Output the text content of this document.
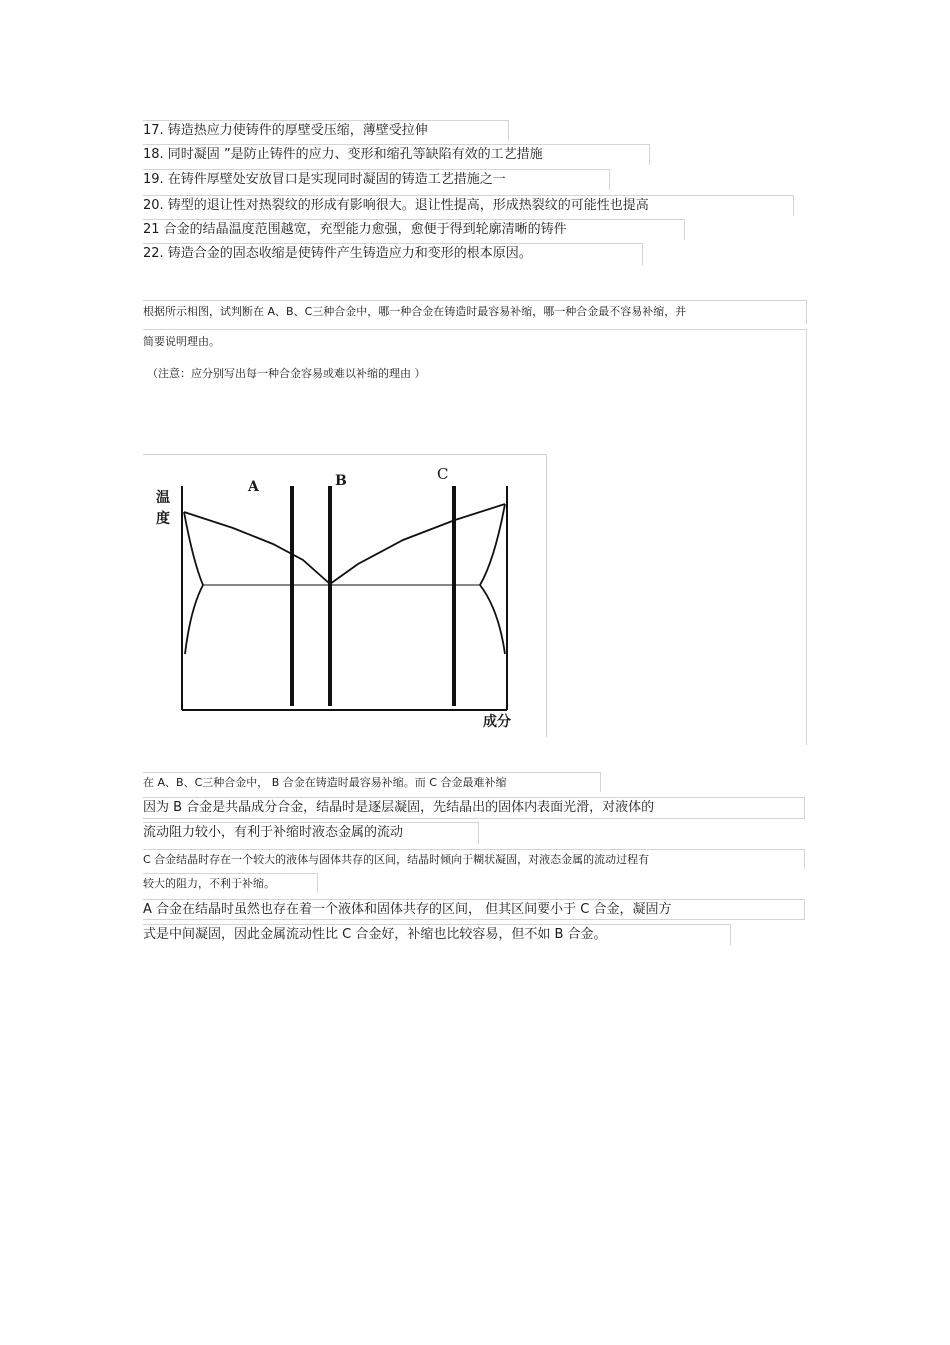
17. 铸造热应力使铸件的厚壁受压缩，薄壁受拉伸
18. 同时凝固 ”是防止铸件的应力、变形和缩孔等缺陷有效的工艺措施
19. 在铸件厚壁处安放冒口是实现同时凝固的铸造工艺措施之一
20. 铸型的退让性对热裂纹的形成有影响很大。退让性提高，形成热裂纹的可能性也提高
21 合金的结晶温度范围越宽，充型能力愈强，愈便于得到轮廓清晰的铸件
22. 铸造合金的固态收缩是使铸件产生铸造应力和变形的根本原因。
根据所示相图，试判断在 A、B、C三种合金中，哪一种合金在铸造时最容易补缩，哪一种合金最不容易补缩，并
简要说明理由。
（注意：应分别写出每一种合金容易或难以补缩的理由 ）
A	B	C
温
度
成分
在 A、B、C三种合金中， B 合金在铸造时最容易补缩。而 C 合金最难补缩
因为 B 合金是共晶成分合金，结晶时是逐层凝固，先结晶出的固体内表面光滑，对液体的
流动阻力较小，有利于补缩时液态金属的流动
C 合金结晶时存在一个较大的液体与固体共存的区间，结晶时倾向于糊状凝固，对液态金属的流动过程有
较大的阻力，不利于补缩。
A 合金在结晶时虽然也存在着一个液体和固体共存的区间， 但其区间要小于 C 合金，凝固方
式是中间凝固，因此金属流动性比 C 合金好，补缩也比较容易，但不如 B 合金。
